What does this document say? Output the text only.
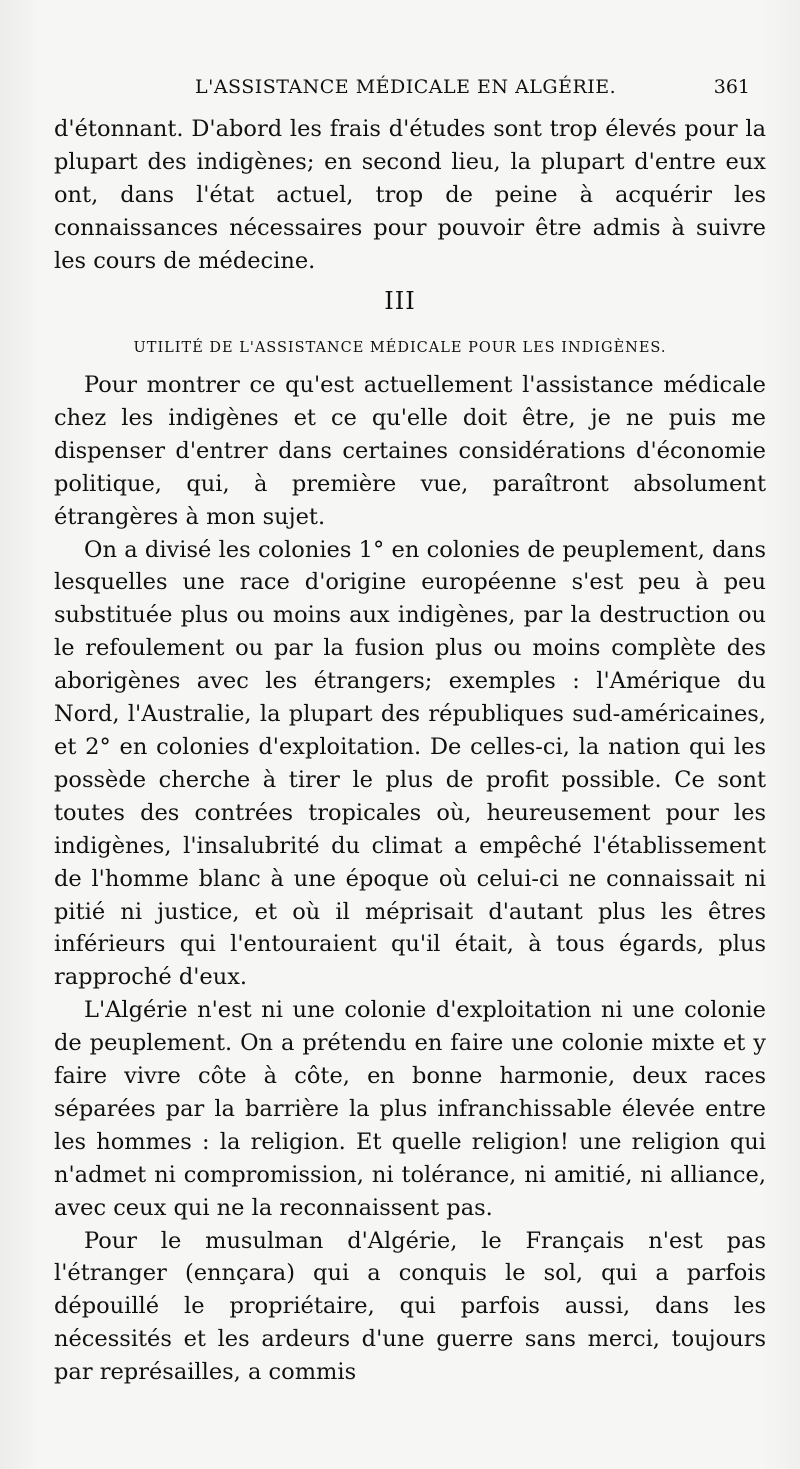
L'ASSISTANCE MÉDICALE EN ALGÉRIE.	361

d'étonnant. D'abord les frais d'études sont trop élevés pour la plupart des indigènes; en second lieu, la plupart d'entre eux ont, dans l'état actuel, trop de peine à acquérir les connaissances nécessaires pour pouvoir être admis à suivre les cours de médecine.

III
UTILITÉ DE L'ASSISTANCE MÉDICALE POUR LES INDIGÈNES.

Pour montrer ce qu'est actuellement l'assistance médicale chez les indigènes et ce qu'elle doit être, je ne puis me dispenser d'entrer dans certaines considérations d'économie politique, qui, à première vue, paraîtront absolument étrangères à mon sujet.

On a divisé les colonies 1° en colonies de peuplement, dans lesquelles une race d'origine européenne s'est peu à peu substituée plus ou moins aux indigènes, par la destruction ou le refoulement ou par la fusion plus ou moins complète des aborigènes avec les étrangers; exemples : l'Amérique du Nord, l'Australie, la plupart des républiques sud-américaines, et 2° en colonies d'exploitation. De celles-ci, la nation qui les possède cherche à tirer le plus de profit possible. Ce sont toutes des contrées tropicales où, heureusement pour les indigènes, l'insalubrité du climat a empêché l'établissement de l'homme blanc à une époque où celui-ci ne connaissait ni pitié ni justice, et où il méprisait d'autant plus les êtres inférieurs qui l'entouraient qu'il était, à tous égards, plus rapproché d'eux.

L'Algérie n'est ni une colonie d'exploitation ni une colonie de peuplement. On a prétendu en faire une colonie mixte et y faire vivre côte à côte, en bonne harmonie, deux races séparées par la barrière la plus infranchissable élevée entre les hommes : la religion. Et quelle religion! une religion qui n'admet ni compromission, ni tolérance, ni amitié, ni alliance, avec ceux qui ne la reconnaissent pas.

Pour le musulman d'Algérie, le Français n'est pas l'étranger (ennçara) qui a conquis le sol, qui a parfois dépouillé le propriétaire, qui parfois aussi, dans les nécessités et les ardeurs d'une guerre sans merci, toujours par représailles, a commis
